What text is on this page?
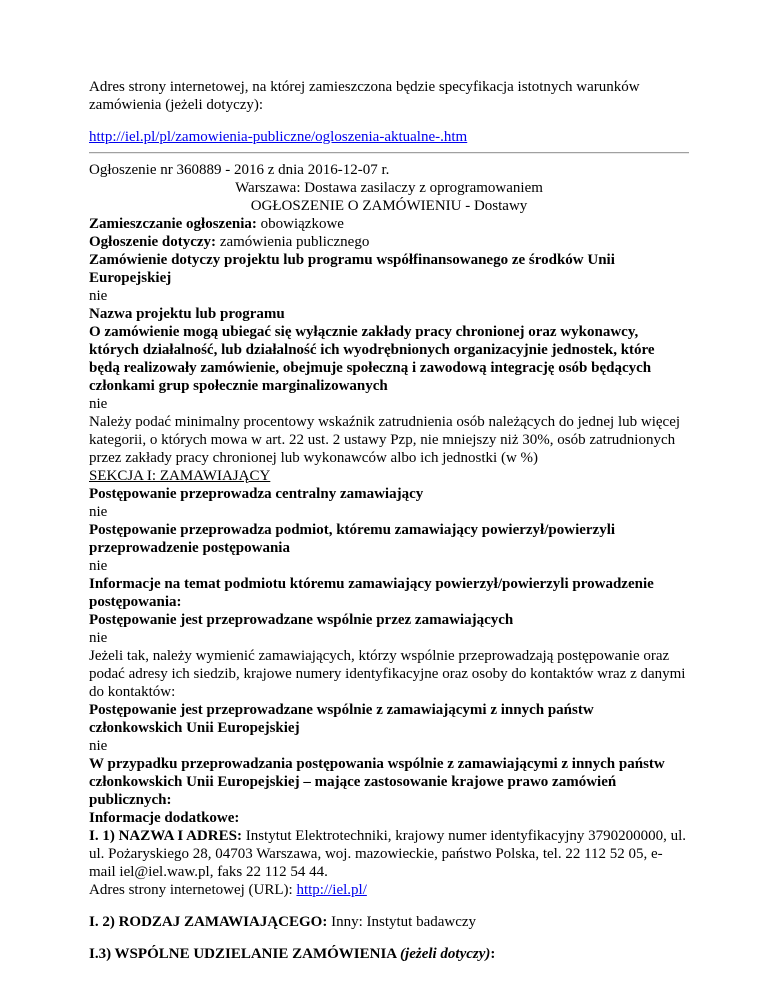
Adres strony internetowej, na której zamieszczona będzie specyfikacja istotnych warunków zamówienia (jeżeli dotyczy):

http://iel.pl/pl/zamowienia-publiczne/ogloszenia-aktualne-.htm

Ogłoszenie nr 360889 - 2016 z dnia 2016-12-07 r.

Warszawa: Dostawa zasilaczy z oprogramowaniem

OGŁOSZENIE O ZAMÓWIENIU - Dostawy

Zamieszczanie ogłoszenia: obowiązkowe

Ogłoszenie dotyczy: zamówienia publicznego

Zamówienie dotyczy projektu lub programu współfinansowanego ze środków Unii Europejskiej

nie

Nazwa projektu lub programu

O zamówienie mogą ubiegać się wyłącznie zakłady pracy chronionej oraz wykonawcy, których działalność, lub działalność ich wyodrębnionych organizacyjnie jednostek, które będą realizowały zamówienie, obejmuje społeczną i zawodową integrację osób będących członkami grup społecznie marginalizowanych

nie

Należy podać minimalny procentowy wskaźnik zatrudnienia osób należących do jednej lub więcej kategorii, o których mowa w art. 22 ust. 2 ustawy Pzp, nie mniejszy niż 30%, osób zatrudnionych przez zakłady pracy chronionej lub wykonawców albo ich jednostki (w %)

SEKCJA I: ZAMAWIAJĄCY

Postępowanie przeprowadza centralny zamawiający

nie

Postępowanie przeprowadza podmiot, któremu zamawiający powierzył/powierzyli przeprowadzenie postępowania

nie

Informacje na temat podmiotu któremu zamawiający powierzył/powierzyli prowadzenie postępowania:

Postępowanie jest przeprowadzane wspólnie przez zamawiających

nie

Jeżeli tak, należy wymienić zamawiających, którzy wspólnie przeprowadzają postępowanie oraz podać adresy ich siedzib, krajowe numery identyfikacyjne oraz osoby do kontaktów wraz z danymi do kontaktów:

Postępowanie jest przeprowadzane wspólnie z zamawiającymi z innych państw członkowskich Unii Europejskiej

nie

W przypadku przeprowadzania postępowania wspólnie z zamawiającymi z innych państw członkowskich Unii Europejskiej – mające zastosowanie krajowe prawo zamówień publicznych:

Informacje dodatkowe:

I. 1) NAZWA I ADRES: Instytut Elektrotechniki, krajowy numer identyfikacyjny 3790200000, ul. ul. Pożaryskiego 28, 04703 Warszawa, woj. mazowieckie, państwo Polska, tel. 22 112 52 05, e-mail iel@iel.waw.pl, faks 22 112 54 44.

Adres strony internetowej (URL): http://iel.pl/

I. 2) RODZAJ ZAMAWIAJĄCEGO: Inny: Instytut badawczy

I.3) WSPÓLNE UDZIELANIE ZAMÓWIENIA (jeżeli dotyczy):
